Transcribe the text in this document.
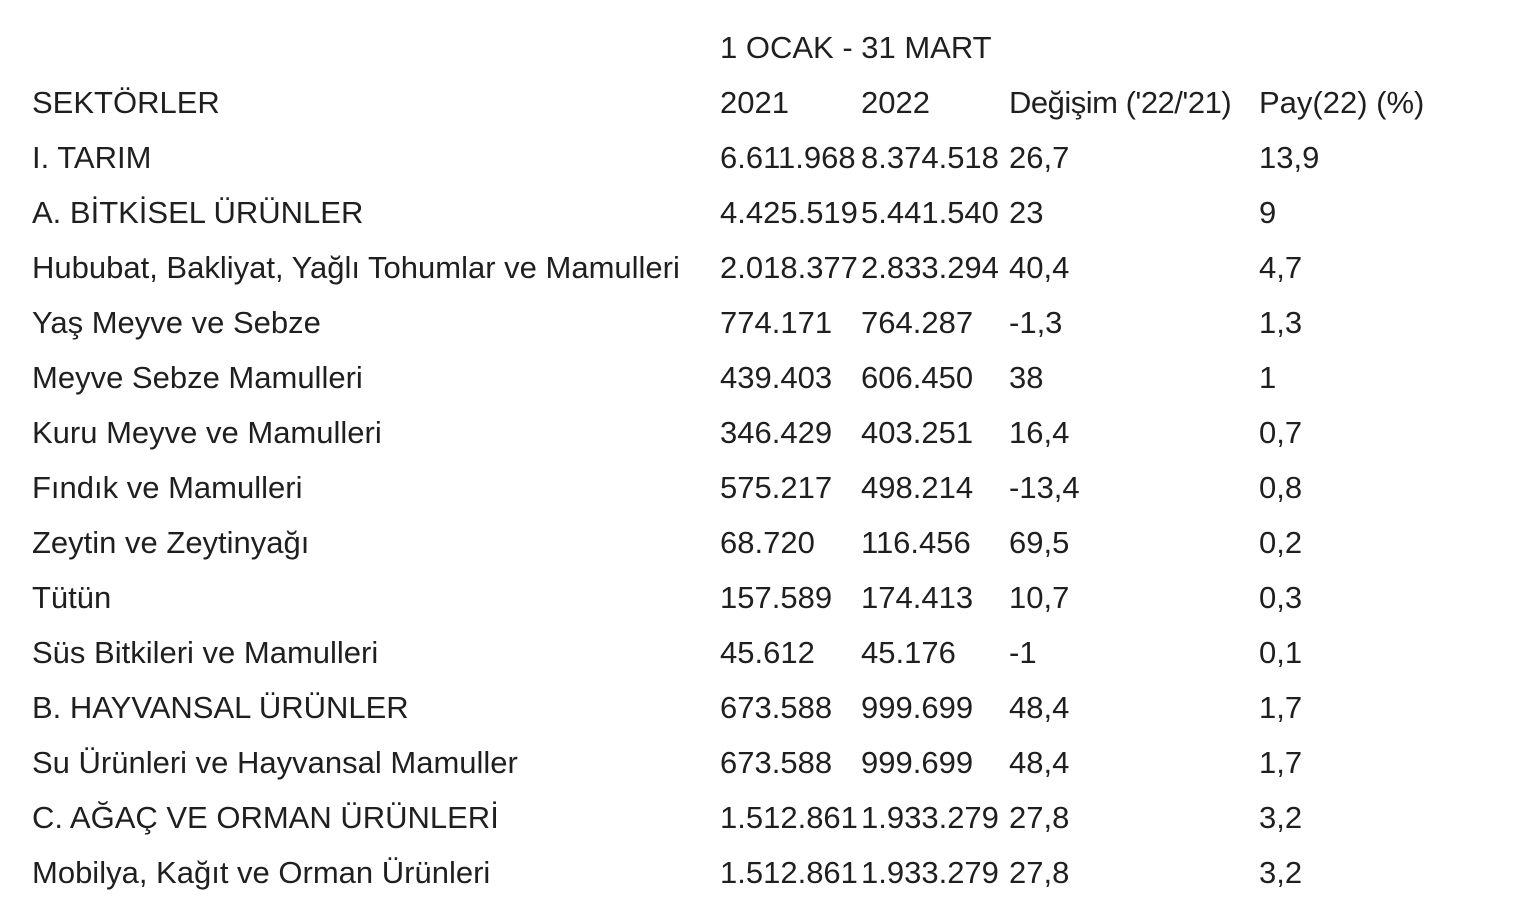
	1 OCAK - 31 MART			
SEKTÖRLER	2021	2022	Değişim ('22/'21)	Pay(22) (%)
I. TARIM	6.611.968	8.374.518	26,7	13,9
A. BİTKİSEL ÜRÜNLER	4.425.519	5.441.540	23	9
Hububat, Bakliyat, Yağlı Tohumlar ve Mamulleri	2.018.377	2.833.294	40,4	4,7
Yaş Meyve ve Sebze	774.171	764.287	-1,3	1,3
Meyve Sebze Mamulleri	439.403	606.450	38	1
Kuru Meyve ve Mamulleri	346.429	403.251	16,4	0,7
Fındık ve Mamulleri	575.217	498.214	-13,4	0,8
Zeytin ve Zeytinyağı	68.720	116.456	69,5	0,2
Tütün	157.589	174.413	10,7	0,3
Süs Bitkileri ve Mamulleri	45.612	45.176	-1	0,1
B. HAYVANSAL ÜRÜNLER	673.588	999.699	48,4	1,7
Su Ürünleri ve Hayvansal Mamuller	673.588	999.699	48,4	1,7
C. AĞAÇ VE ORMAN ÜRÜNLERİ	1.512.861	1.933.279	27,8	3,2
Mobilya, Kağıt ve Orman Ürünleri	1.512.861	1.933.279	27,8	3,2
